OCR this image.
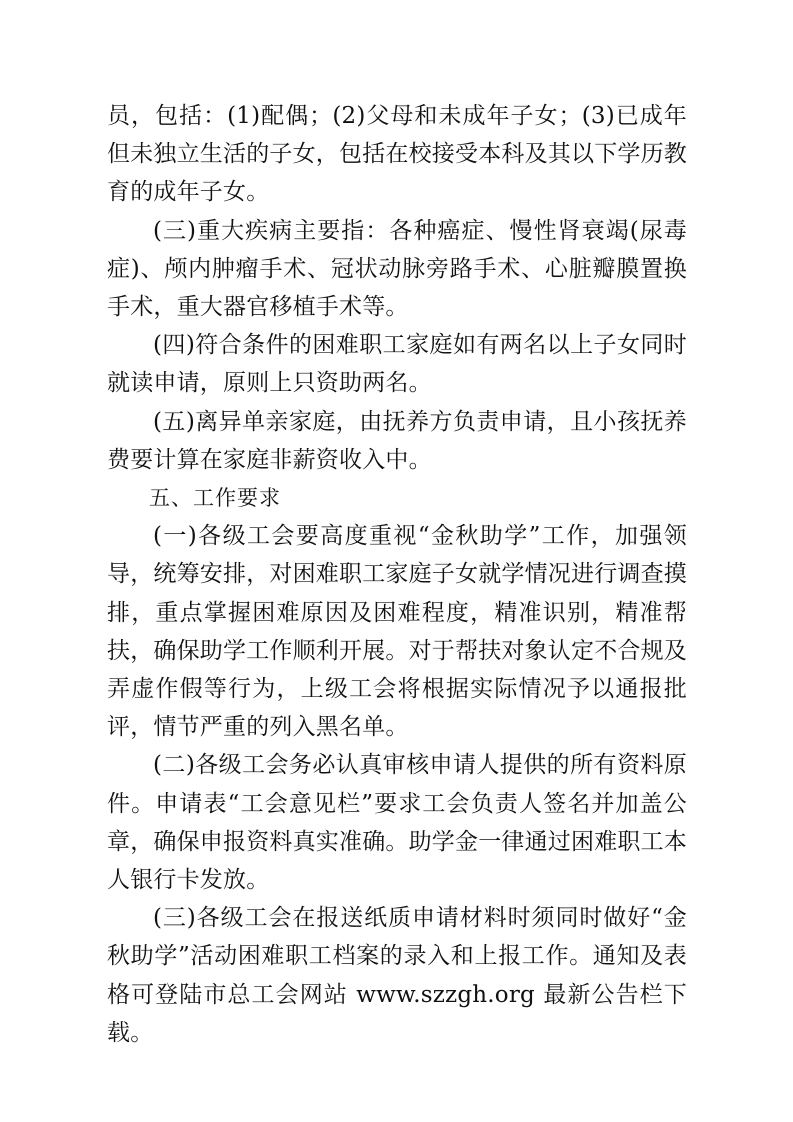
员，包括：(1)配偶；(2)父母和未成年子女；(3)已成年但未独立生活的子女，包括在校接受本科及其以下学历教育的成年子女。

(三)重大疾病主要指：各种癌症、慢性肾衰竭(尿毒症)、颅内肿瘤手术、冠状动脉旁路手术、心脏瓣膜置换手术，重大器官移植手术等。

(四)符合条件的困难职工家庭如有两名以上子女同时就读申请，原则上只资助两名。

(五)离异单亲家庭，由抚养方负责申请，且小孩抚养费要计算在家庭非薪资收入中。

五、工作要求

(一)各级工会要高度重视“金秋助学”工作，加强领导，统筹安排，对困难职工家庭子女就学情况进行调查摸排，重点掌握困难原因及困难程度，精准识别，精准帮扶，确保助学工作顺利开展。对于帮扶对象认定不合规及弄虚作假等行为，上级工会将根据实际情况予以通报批评，情节严重的列入黑名单。

(二)各级工会务必认真审核申请人提供的所有资料原件。申请表“工会意见栏”要求工会负责人签名并加盖公章，确保申报资料真实准确。助学金一律通过困难职工本人银行卡发放。

(三)各级工会在报送纸质申请材料时须同时做好“金秋助学”活动困难职工档案的录入和上报工作。通知及表格可登陆市总工会网站 www.szzgh.org 最新公告栏下载。
